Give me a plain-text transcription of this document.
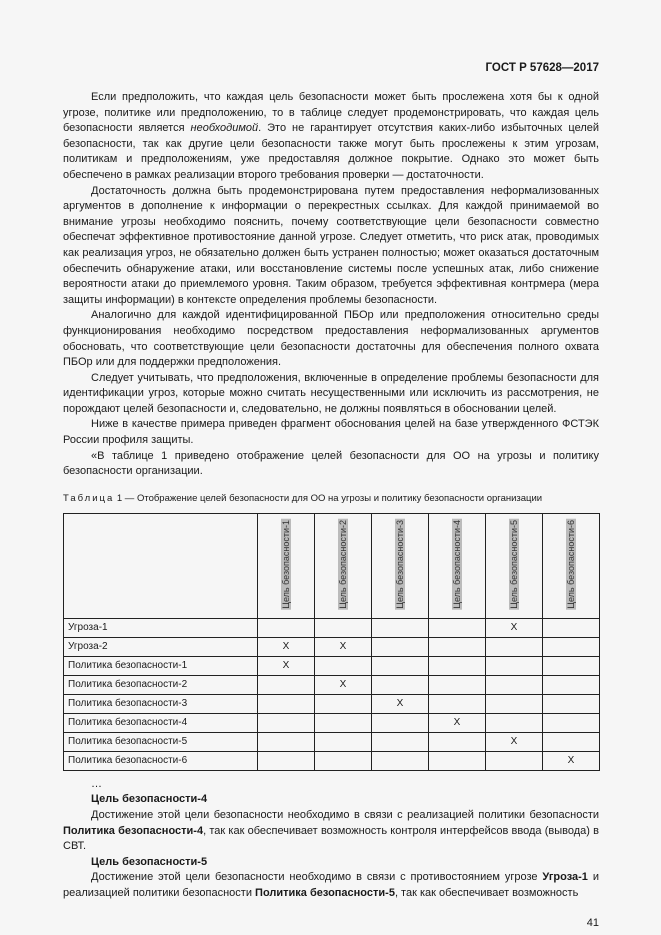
ГОСТ Р 57628—2017

Если предположить, что каждая цель безопасности может быть прослежена хотя бы к одной угрозе, политике или предположению, то в таблице следует продемонстрировать, что каждая цель безопасности является необходимой. Это не гарантирует отсутствия каких-либо избыточных целей безопасности, так как другие цели безопасности также могут быть прослежены к этим угрозам, политикам и предположениям, уже предоставляя должное покрытие. Однако это может быть обеспечено в рамках реализации второго требования проверки — достаточности.

Достаточность должна быть продемонстрирована путем предоставления неформализованных аргументов в дополнение к информации о перекрестных ссылках. Для каждой принимаемой во внимание угрозы необходимо пояснить, почему соответствующие цели безопасности совместно обеспечат эффективное противостояние данной угрозе. Следует отметить, что риск атак, проводимых как реализация угроз, не обязательно должен быть устранен полностью; может оказаться достаточным обеспечить обнаружение атаки, или восстановление системы после успешных атак, либо снижение вероятности атаки до приемлемого уровня. Таким образом, требуется эффективная контрмера (мера защиты информации) в контексте определения проблемы безопасности.

Аналогично для каждой идентифицированной ПБОр или предположения относительно среды функционирования необходимо посредством предоставления неформализованных аргументов обосновать, что соответствующие цели безопасности достаточны для обеспечения полного охвата ПБОр или для поддержки предположения.

Следует учитывать, что предположения, включенные в определение проблемы безопасности для идентификации угроз, которые можно считать несущественными или исключить из рассмотрения, не порождают целей безопасности и, следовательно, не должны появляться в обосновании целей.

Ниже в качестве примера приведен фрагмент обоснования целей на базе утвержденного ФСТЭК России профиля защиты.

«В таблице 1 приведено отображение целей безопасности для ОО на угрозы и политику безопасности организации.

Таблица 1 — Отображение целей безопасности для ОО на угрозы и политику безопасности организации
	Цель безопасности-1	Цель безопасности-2	Цель безопасности-3	Цель безопасности-4	Цель безопасности-5	Цель безопасности-6
Угроза-1					X	
Угроза-2	X	X				
Политика безопасности-1	X					
Политика безопасности-2		X				
Политика безопасности-3			X			
Политика безопасности-4				X		
Политика безопасности-5					X	
Политика безопасности-6						X

…

Цель безопасности-4

Достижение этой цели безопасности необходимо в связи с реализацией политики безопасности Политика безопасности-4, так как обеспечивает возможность контроля интерфейсов ввода (вывода) в СВТ.

Цель безопасности-5

Достижение этой цели безопасности необходимо в связи с противостоянием угрозе Угроза-1 и реализацией политики безопасности Политика безопасности-5, так как обеспечивает возможность

41
